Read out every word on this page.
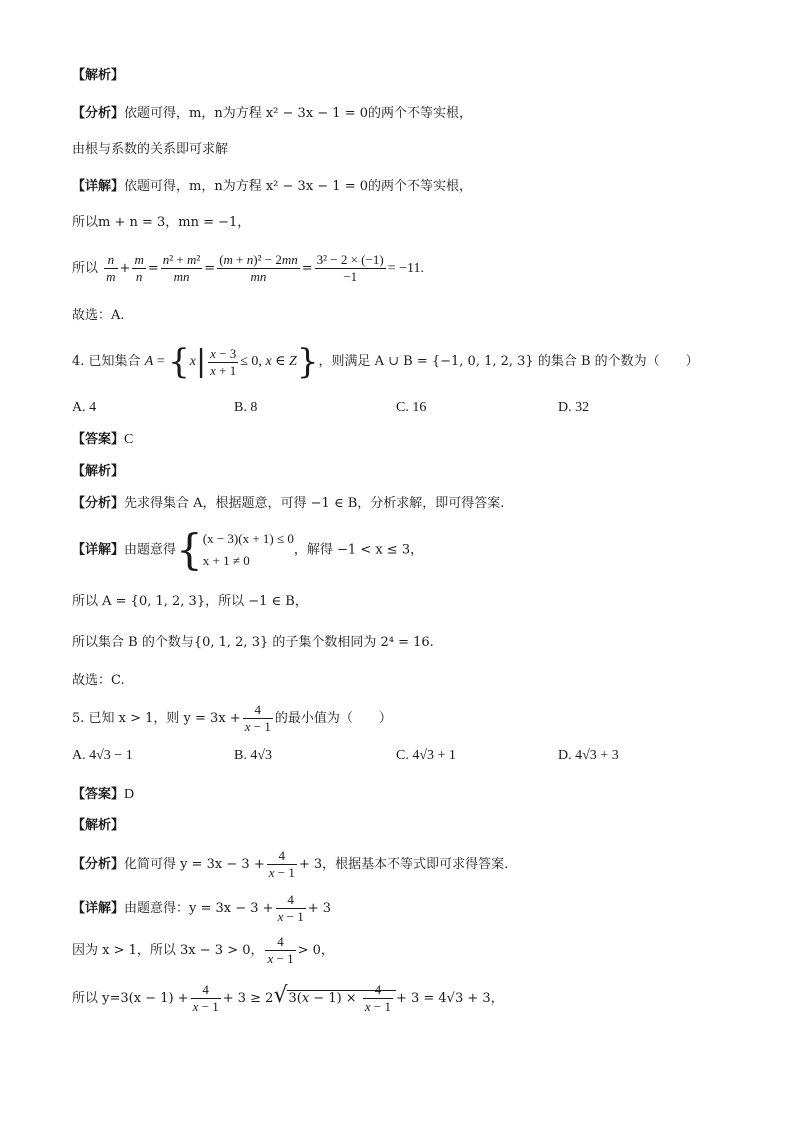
【解析】
【分析】依题可得，m，n为方程 x² − 3x − 1 = 0的两个不等实根，
由根与系数的关系即可求解
【详解】依题可得，m，n为方程 x² − 3x − 1 = 0的两个不等实根，
所以m + n = 3，mn = −1，
所以 $\frac{n}{m} + \frac{m}{n} = \frac{\text{n² + m²}}{mn} = \frac{\text{(m + n)² − 2mn}}{mn} = \frac{\text{3² − 2 × (−1)}}{-1} = -11$.
故选：A.
4. 已知集合 $A = \{x| \frac{x - 3}{x + 1} \le 0$, x ∈ Z}，则满足 A ∪ B = {−1, 0, 1, 2, 3} 的集合 B 的个数为（　　）
A. 4	B. 8	C. 16	D. 32
【答案】C
【解析】
【分析】先求得集合 A，根据题意，可得 −1 ∈ B，分析求解，即可得答案.
【详解】由题意得{ (x − 3)(x + 1) ≤ 0
x + 1 ≠ 0
，解得 −1 < x ≤ 3，
所以 A = {0, 1, 2, 3}，所以 −1 ∈ B，
所以集合 B 的个数与{0, 1, 2, 3} 的子集个数相同为 2⁴ = 16.
故选：C.
5. 已知 x > 1，则 $y = 3x + \frac{4}{x - 1}$ 的最小值为（　　）
A. 4√3 − 1	B. 4√3	C. 4√3 + 1	D. 4√3 + 3
【答案】D
【解析】
【分析】化简可得 $y = 3x - 3 + \frac{4}{x - 1} + 3$，根据基本不等式即可求得答案.
【详解】由题意得：$y = 3x - 3 + \frac{4}{x - 1} + 3$
因为 x > 1，所以 3x − 3 > 0， $\frac{4}{x - 1} > 0$，
所以 $y=3(x - 1) + \frac{4}{x - 1} + 3 \ge 2√3(x - 1) \times \frac{4}{x - 1} + 3 = 4√3 + 3$，
